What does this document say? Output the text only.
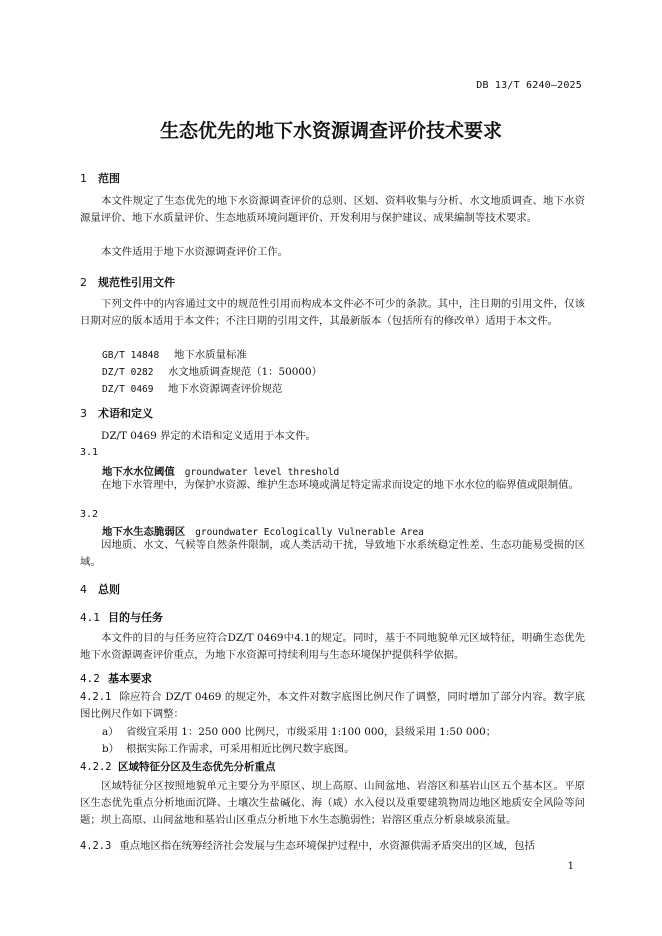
DB 13/T 6240—2025
生态优先的地下水资源调查评价技术要求
1 范围
本文件规定了生态优先的地下水资源调查评价的总则、区划、资料收集与分析、水文地质调查、地下水资源量评价、地下水质量评价、生态地质环境问题评价、开发利用与保护建议、成果编制等技术要求。
本文件适用于地下水资源调查评价工作。
2 规范性引用文件
下列文件中的内容通过文中的规范性引用而构成本文件必不可少的条款。其中，注日期的引用文件，仅该日期对应的版本适用于本文件；不注日期的引用文件，其最新版本（包括所有的修改单）适用于本文件。
GB/T 14848 地下水质量标准
DZ/T 0282 水文地质调查规范（1：50000）
DZ/T 0469 地下水资源调查评价规范
3 术语和定义
DZ/T 0469 界定的术语和定义适用于本文件。
3.1
地下水水位阈值 groundwater level threshold
在地下水管理中，为保护水资源、维护生态环境或满足特定需求而设定的地下水水位的临界值或限制值。
3.2
地下水生态脆弱区 groundwater Ecologically Vulnerable Area
因地质、水文、气候等自然条件限制，或人类活动干扰，导致地下水系统稳定性差、生态功能易受损的区域。
4 总则
4.1 目的与任务
本文件的目的与任务应符合DZ/T 0469中4.1的规定。同时，基于不同地貌单元区域特征，明确生态优先地下水资源调查评价重点，为地下水资源可持续利用与生态环境保护提供科学依据。
4.2 基本要求
4.2.1 除应符合 DZ/T 0469 的规定外，本文件对数字底图比例尺作了调整，同时增加了部分内容。数字底图比例尺作如下调整：
a） 省级宜采用 1：250 000 比例尺，市级采用 1:100 000，县级采用 1:50 000；
b） 根据实际工作需求，可采用相近比例尺数字底图。
4.2.2 区域特征分区及生态优先分析重点
区域特征分区按照地貌单元主要分为平原区、坝上高原、山间盆地、岩溶区和基岩山区五个基本区。平原区生态优先重点分析地面沉降、土壤次生盐碱化、海（咸）水入侵以及重要建筑物周边地区地质安全风险等问题；坝上高原、山间盆地和基岩山区重点分析地下水生态脆弱性；岩溶区重点分析泉域泉流量。
4.2.3 重点地区指在统筹经济社会发展与生态环境保护过程中，水资源供需矛盾突出的区域，包括
1
